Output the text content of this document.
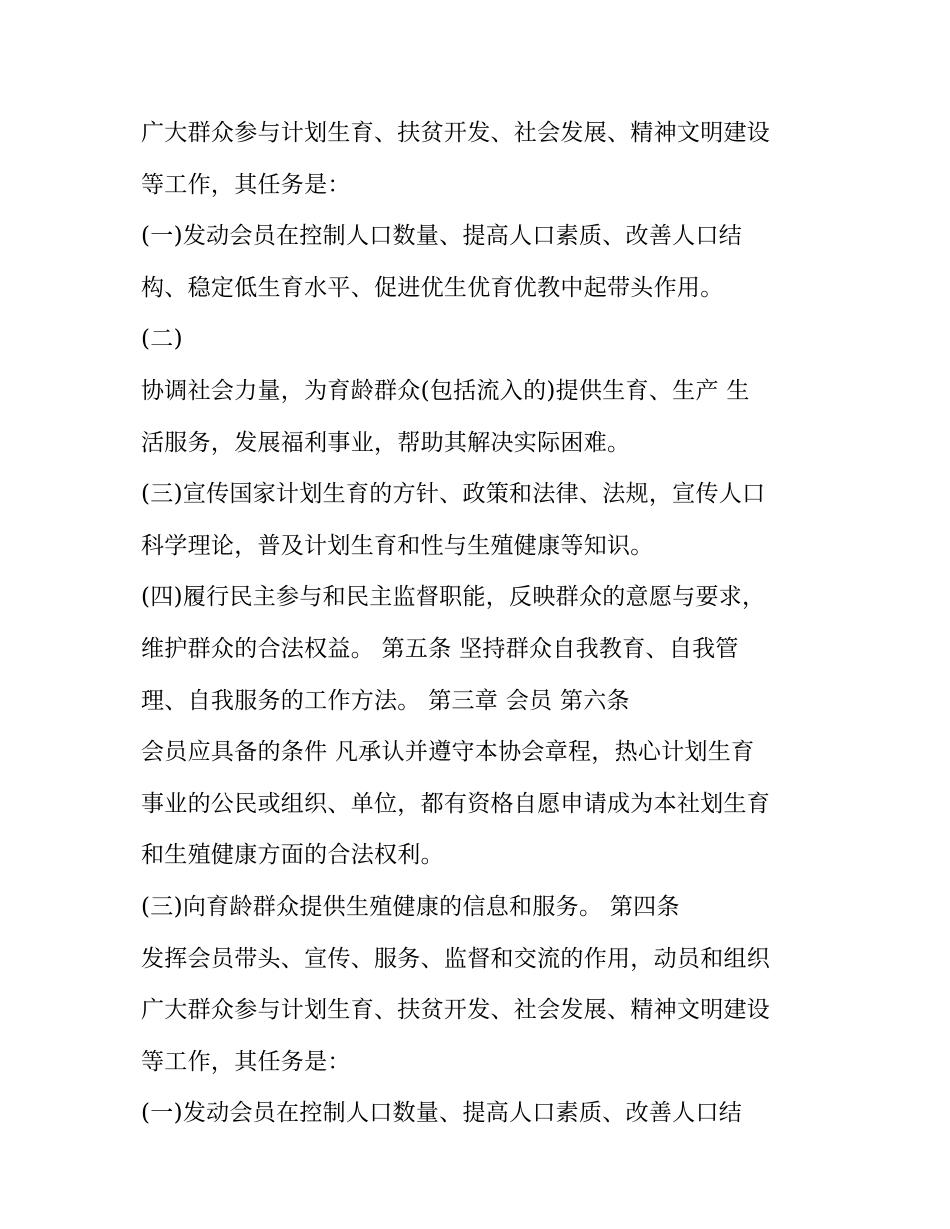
广大群众参与计划生育、扶贫开发、社会发展、精神文明建设
等工作，其任务是：
(一)发动会员在控制人口数量、提高人口素质、改善人口结
构、稳定低生育水平、促进优生优育优教中起带头作用。
(二)
协调社会力量，为育龄群众(包括流入的)提供生育、生产 生
活服务，发展福利事业，帮助其解决实际困难。
(三)宣传国家计划生育的方针、政策和法律、法规，宣传人口
科学理论，普及计划生育和性与生殖健康等知识。
(四)履行民主参与和民主监督职能，反映群众的意愿与要求，
维护群众的合法权益。 第五条 坚持群众自我教育、自我管
理、自我服务的工作方法。 第三章 会员 第六条
会员应具备的条件 凡承认并遵守本协会章程，热心计划生育
事业的公民或组织、单位，都有资格自愿申请成为本社划生育
和生殖健康方面的合法权利。
(三)向育龄群众提供生殖健康的信息和服务。 第四条
发挥会员带头、宣传、服务、监督和交流的作用，动员和组织
广大群众参与计划生育、扶贫开发、社会发展、精神文明建设
等工作，其任务是：
(一)发动会员在控制人口数量、提高人口素质、改善人口结
